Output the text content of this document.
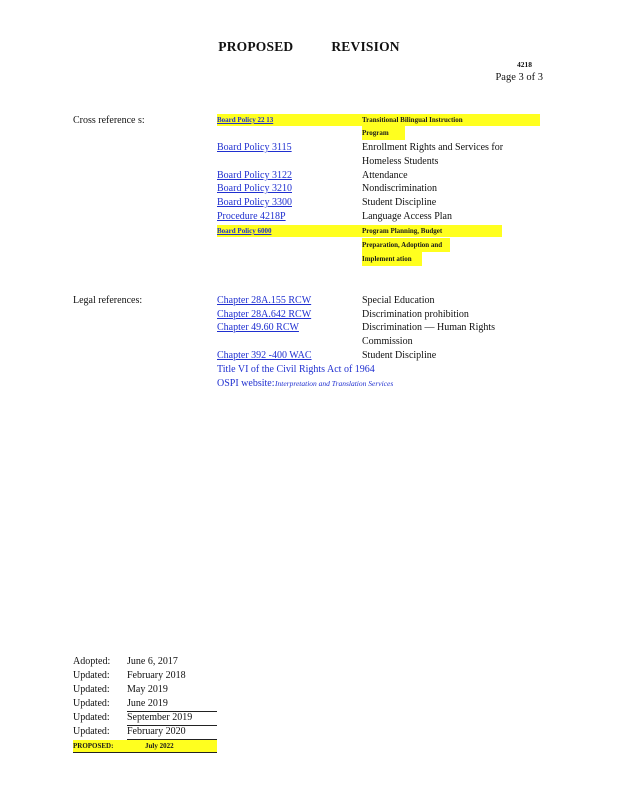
PROPOSED	REVISION
4218
Page 3 of 3
Cross reference s:	Board Policy 22 13	Transitional Bilingual Instruction
Program
Board Policy 3115	Enrollment Rights and Services for
Homeless Students
Board Policy 3122	Attendance
Board Policy 3210	Nondiscrimination
Board Policy 3300	Student Discipline
Procedure 4218P	Language Access Plan
Board Policy 6000	Program Planning, Budget
Preparation, Adoption and
Implement ation
Legal references:	Chapter 28A.155 RCW	Special Education
Chapter 28A.642 RCW	Discrimination prohibition
Chapter 49.60 RCW	Discrimination — Human Rights
Commission
Chapter 392 -400 WAC	Student Discipline
Title VI of the Civil Rights Act of 1964
OSPI website: Interpretation and Translation Services
Adopted: June 6, 2017
Updated: February 2018
Updated: May 2019
Updated: June 2019
Updated: September 2019
Updated: February 2020
PROPOSED:	July 2022
